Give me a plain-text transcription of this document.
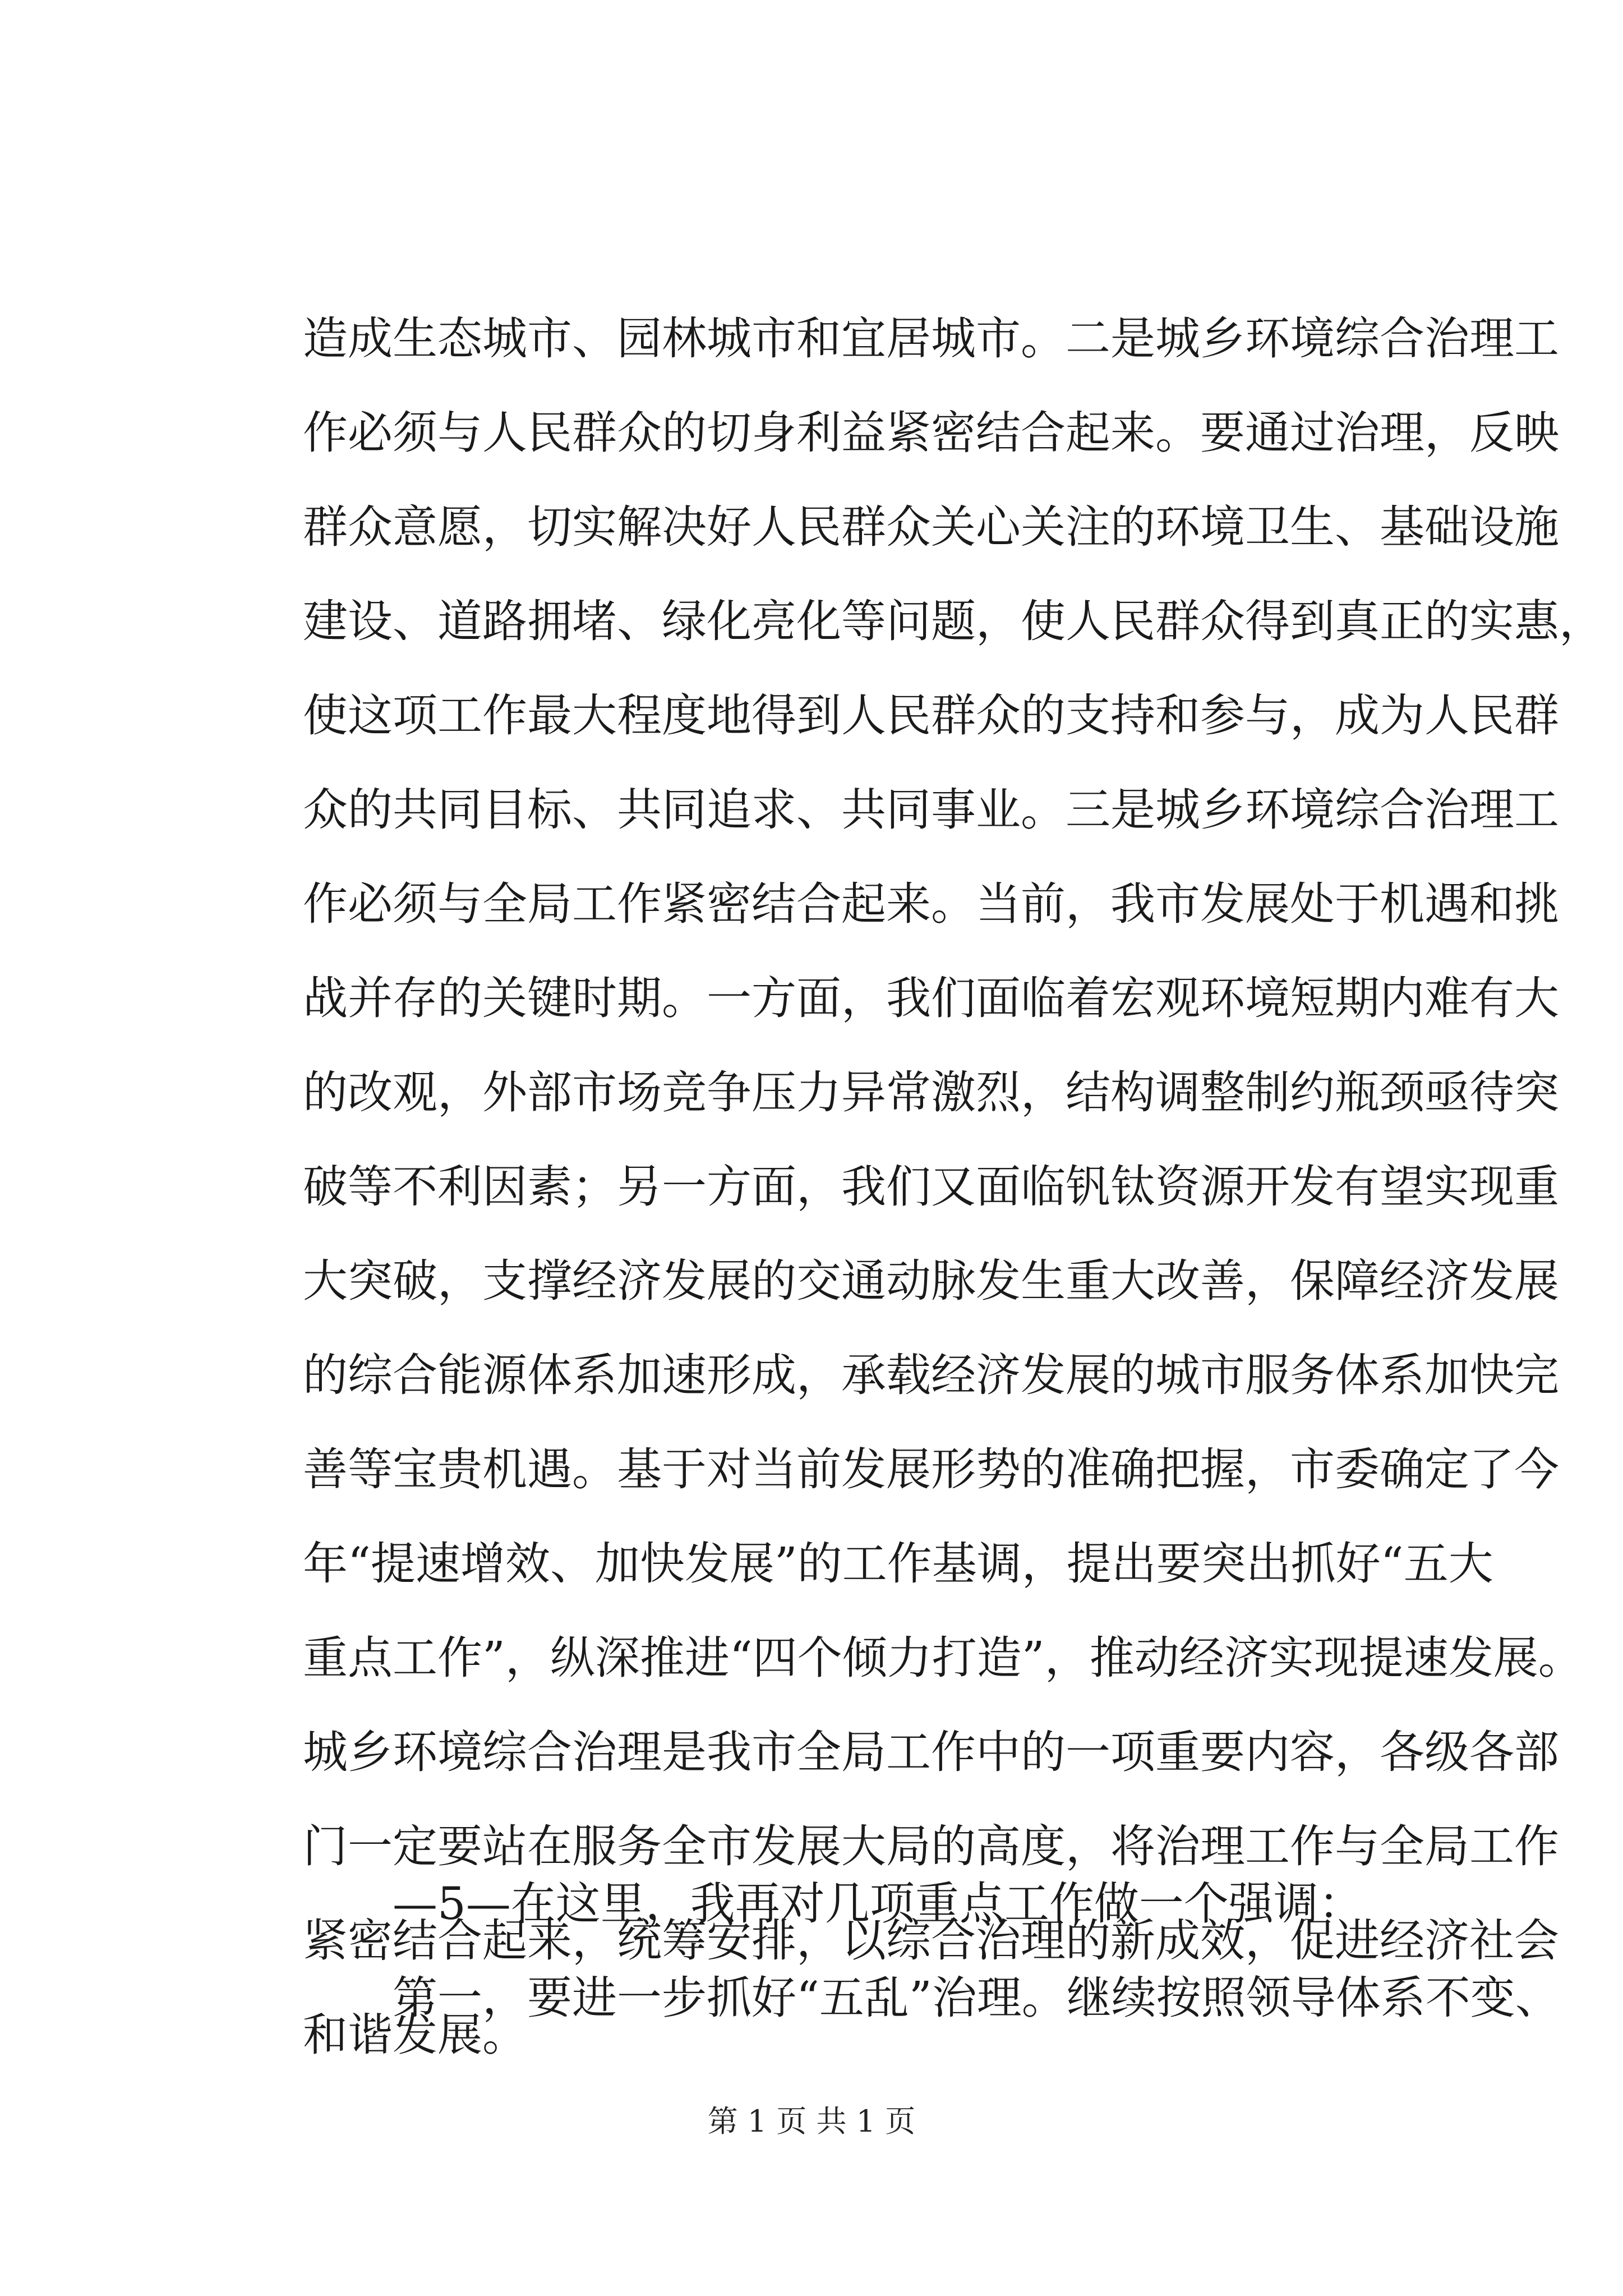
造成生态城市、园林城市和宜居城市。二是城乡环境综合治理工
作必须与人民群众的切身利益紧密结合起来。要通过治理，反映
群众意愿，切实解决好人民群众关心关注的环境卫生、基础设施
建设、道路拥堵、绿化亮化等问题，使人民群众得到真正的实惠，
使这项工作最大程度地得到人民群众的支持和参与，成为人民群
众的共同目标、共同追求、共同事业。三是城乡环境综合治理工
作必须与全局工作紧密结合起来。当前，我市发展处于机遇和挑
战并存的关键时期。一方面，我们面临着宏观环境短期内难有大
的改观，外部市场竞争压力异常激烈，结构调整制约瓶颈亟待突
破等不利因素；另一方面，我们又面临钒钛资源开发有望实现重
大突破，支撑经济发展的交通动脉发生重大改善，保障经济发展
的综合能源体系加速形成，承载经济发展的城市服务体系加快完
善等宝贵机遇。基于对当前发展形势的准确把握，市委确定了今
年“提速增效、加快发展”的工作基调，提出要突出抓好“五大
重点工作”，纵深推进“四个倾力打造”，推动经济实现提速发展。
城乡环境综合治理是我市全局工作中的一项重要内容，各级各部
门一定要站在服务全市发展大局的高度，将治理工作与全局工作
紧密结合起来，统筹安排，以综合治理的新成效，促进经济社会
和谐发展。
—5—在这里，我再对几项重点工作做一个强调：
第一，要进一步抓好“五乱”治理。继续按照领导体系不变、
第 1 页 共 1 页
